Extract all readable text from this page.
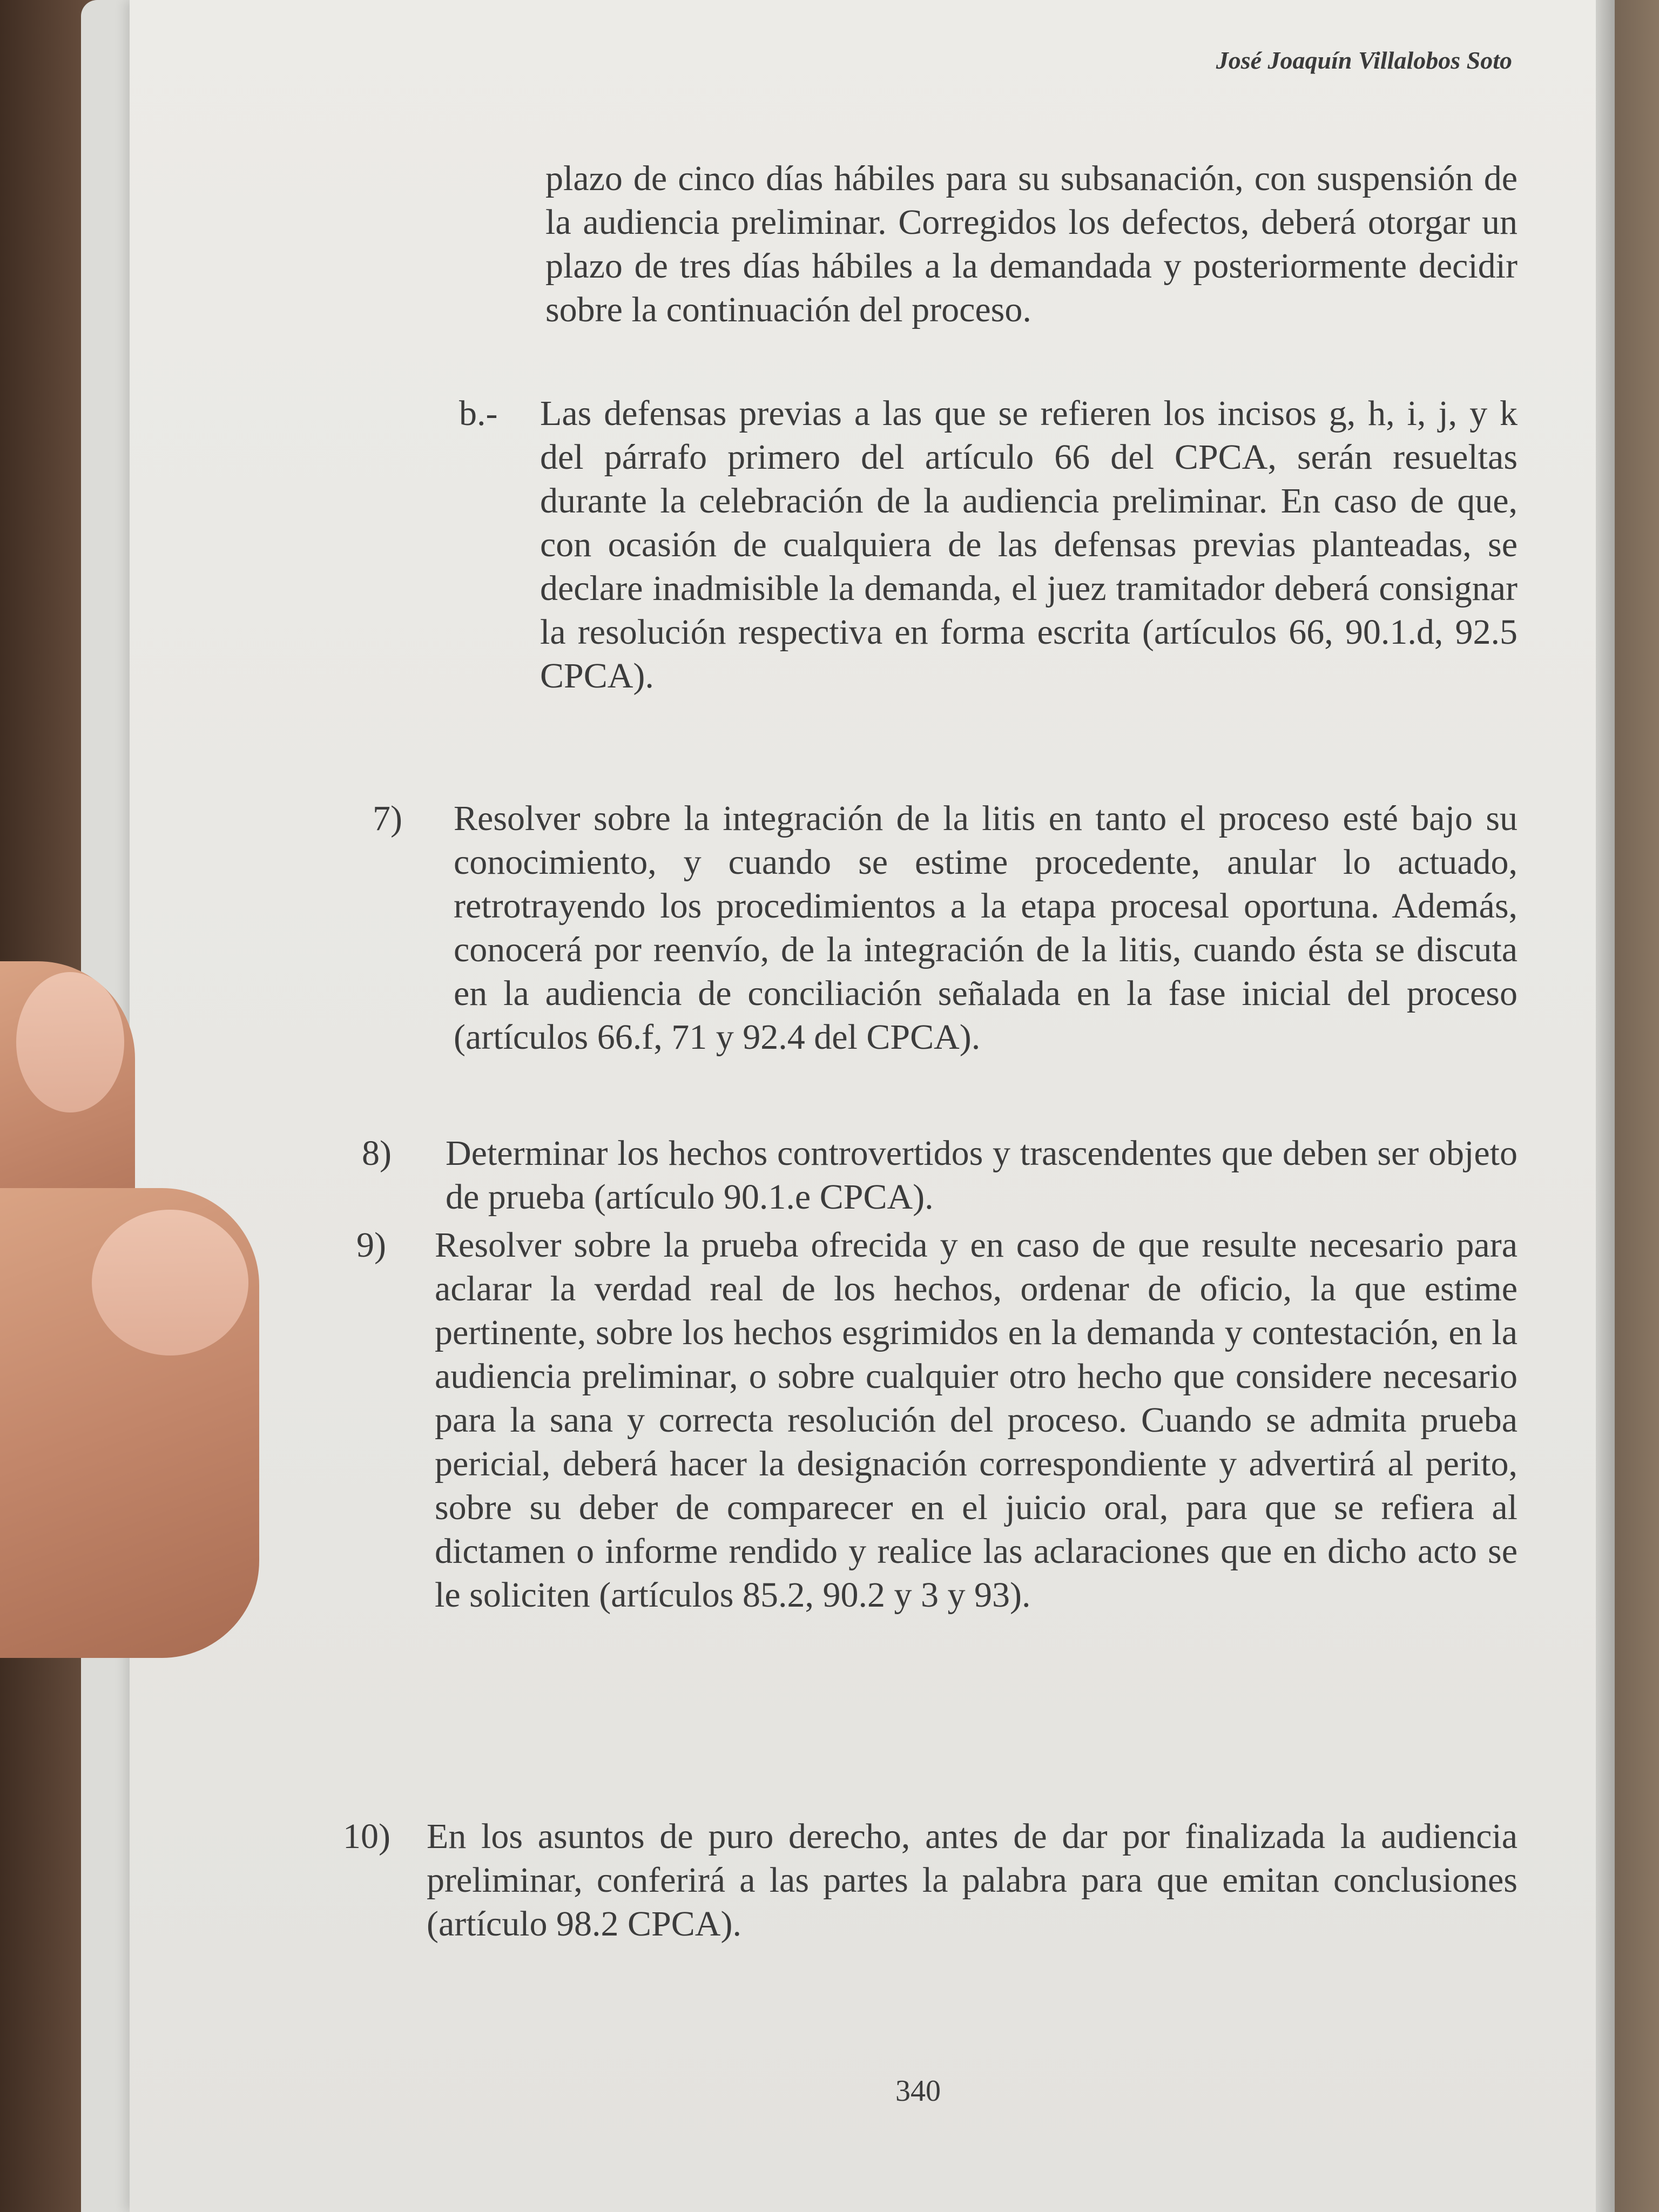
José Joaquín Villalobos Soto
plazo de cinco días hábiles para su subsanación, con suspensión de la audiencia preliminar. Corregidos los defectos, deberá otorgar un plazo de tres días hábiles a la demandada y posteriormente decidir sobre la continuación del proceso.
b.- Las defensas previas a las que se refieren los incisos g, h, i, j, y k del párrafo primero del artículo 66 del CPCA, serán resueltas durante la celebración de la audiencia preliminar. En caso de que, con ocasión de cualquiera de las defensas previas planteadas, se declare inadmisible la demanda, el juez tramitador deberá consignar la resolución respectiva en forma escrita (artículos 66, 90.1.d, 92.5 CPCA).
7) Resolver sobre la integración de la litis en tanto el proceso esté bajo su conocimiento, y cuando se estime procedente, anular lo actuado, retrotrayendo los procedimientos a la etapa procesal oportuna. Además, conocerá por reenvío, de la integración de la litis, cuando ésta se discuta en la audiencia de conciliación señalada en la fase inicial del proceso (artículos 66.f, 71 y 92.4 del CPCA).
8) Determinar los hechos controvertidos y trascendentes que deben ser objeto de prueba (artículo 90.1.e CPCA).
9) Resolver sobre la prueba ofrecida y en caso de que resulte necesario para aclarar la verdad real de los hechos, ordenar de oficio, la que estime pertinente, sobre los hechos esgrimidos en la demanda y contestación, en la audiencia preliminar, o sobre cualquier otro hecho que considere necesario para la sana y correcta resolución del proceso. Cuando se admita prueba pericial, deberá hacer la designación correspondiente y advertirá al perito, sobre su deber de comparecer en el juicio oral, para que se refiera al dictamen o informe rendido y realice las aclaraciones que en dicho acto se le soliciten (artículos 85.2, 90.2 y 3 y 93).
10) En los asuntos de puro derecho, antes de dar por finalizada la audiencia preliminar, conferirá a las partes la palabra para que emitan conclusiones (artículo 98.2 CPCA).
340
